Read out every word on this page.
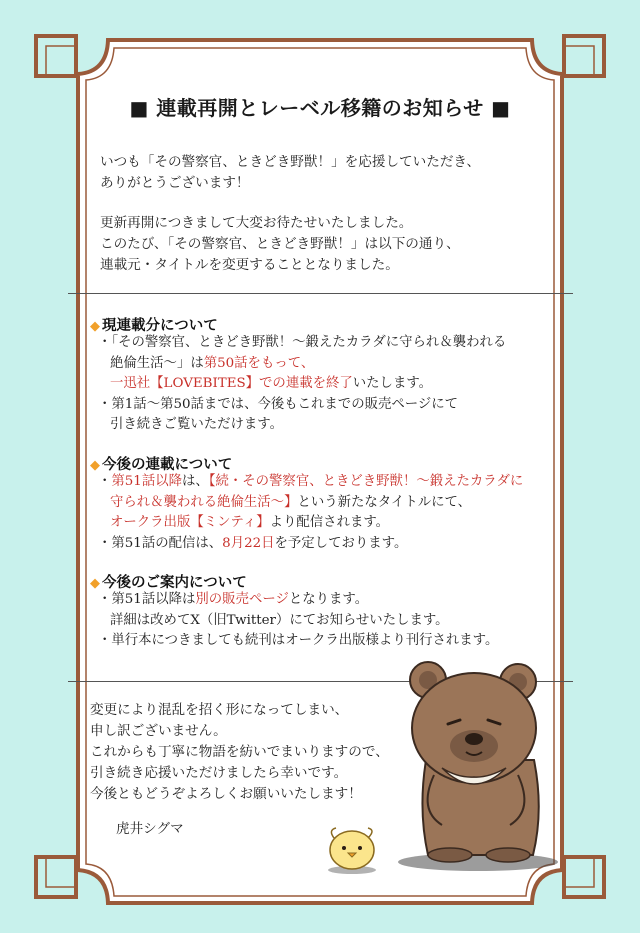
■ 連載再開とレーベル移籍のお知らせ ■
いつも「その警察官、ときどき野獣！」を応援していただき、
ありがとうございます！
更新再開につきまして大変お待たせいたしました。
このたび、「その警察官、ときどき野獣！」は以下の通り、
連載元・タイトルを変更することとなりました。
◆ 現連載分について
・「その警察官、ときどき野獣！〜鍛えたカラダに守られ＆襲われる
絶倫生活〜」は第50話をもって、
一迅社【LOVEBITES】での連載を終了いたします。
・第1話〜第50話までは、今後もこれまでの販売ページにて
引き続きご覧いただけます。
◆ 今後の連載について
・第51話以降は、【続・その警察官、ときどき野獣！〜鍛えたカラダに
守られ＆襲われる絶倫生活〜】という新たなタイトルにて、
オークラ出版【ミンティ】より配信されます。
・第51話の配信は、8月22日を予定しております。
◆ 今後のご案内について
・第51話以降は別の販売ページとなります。
詳細は改めてX（旧Twitter）にてお知らせいたします。
・単行本につきましても続刊はオークラ出版様より刊行されます。
変更により混乱を招く形になってしまい、
申し訳ございません。
これからも丁寧に物語を紡いでまいりますので、
引き続き応援いただけましたら幸いです。
今後ともどうぞよろしくお願いいたします！
虎井シグマ
